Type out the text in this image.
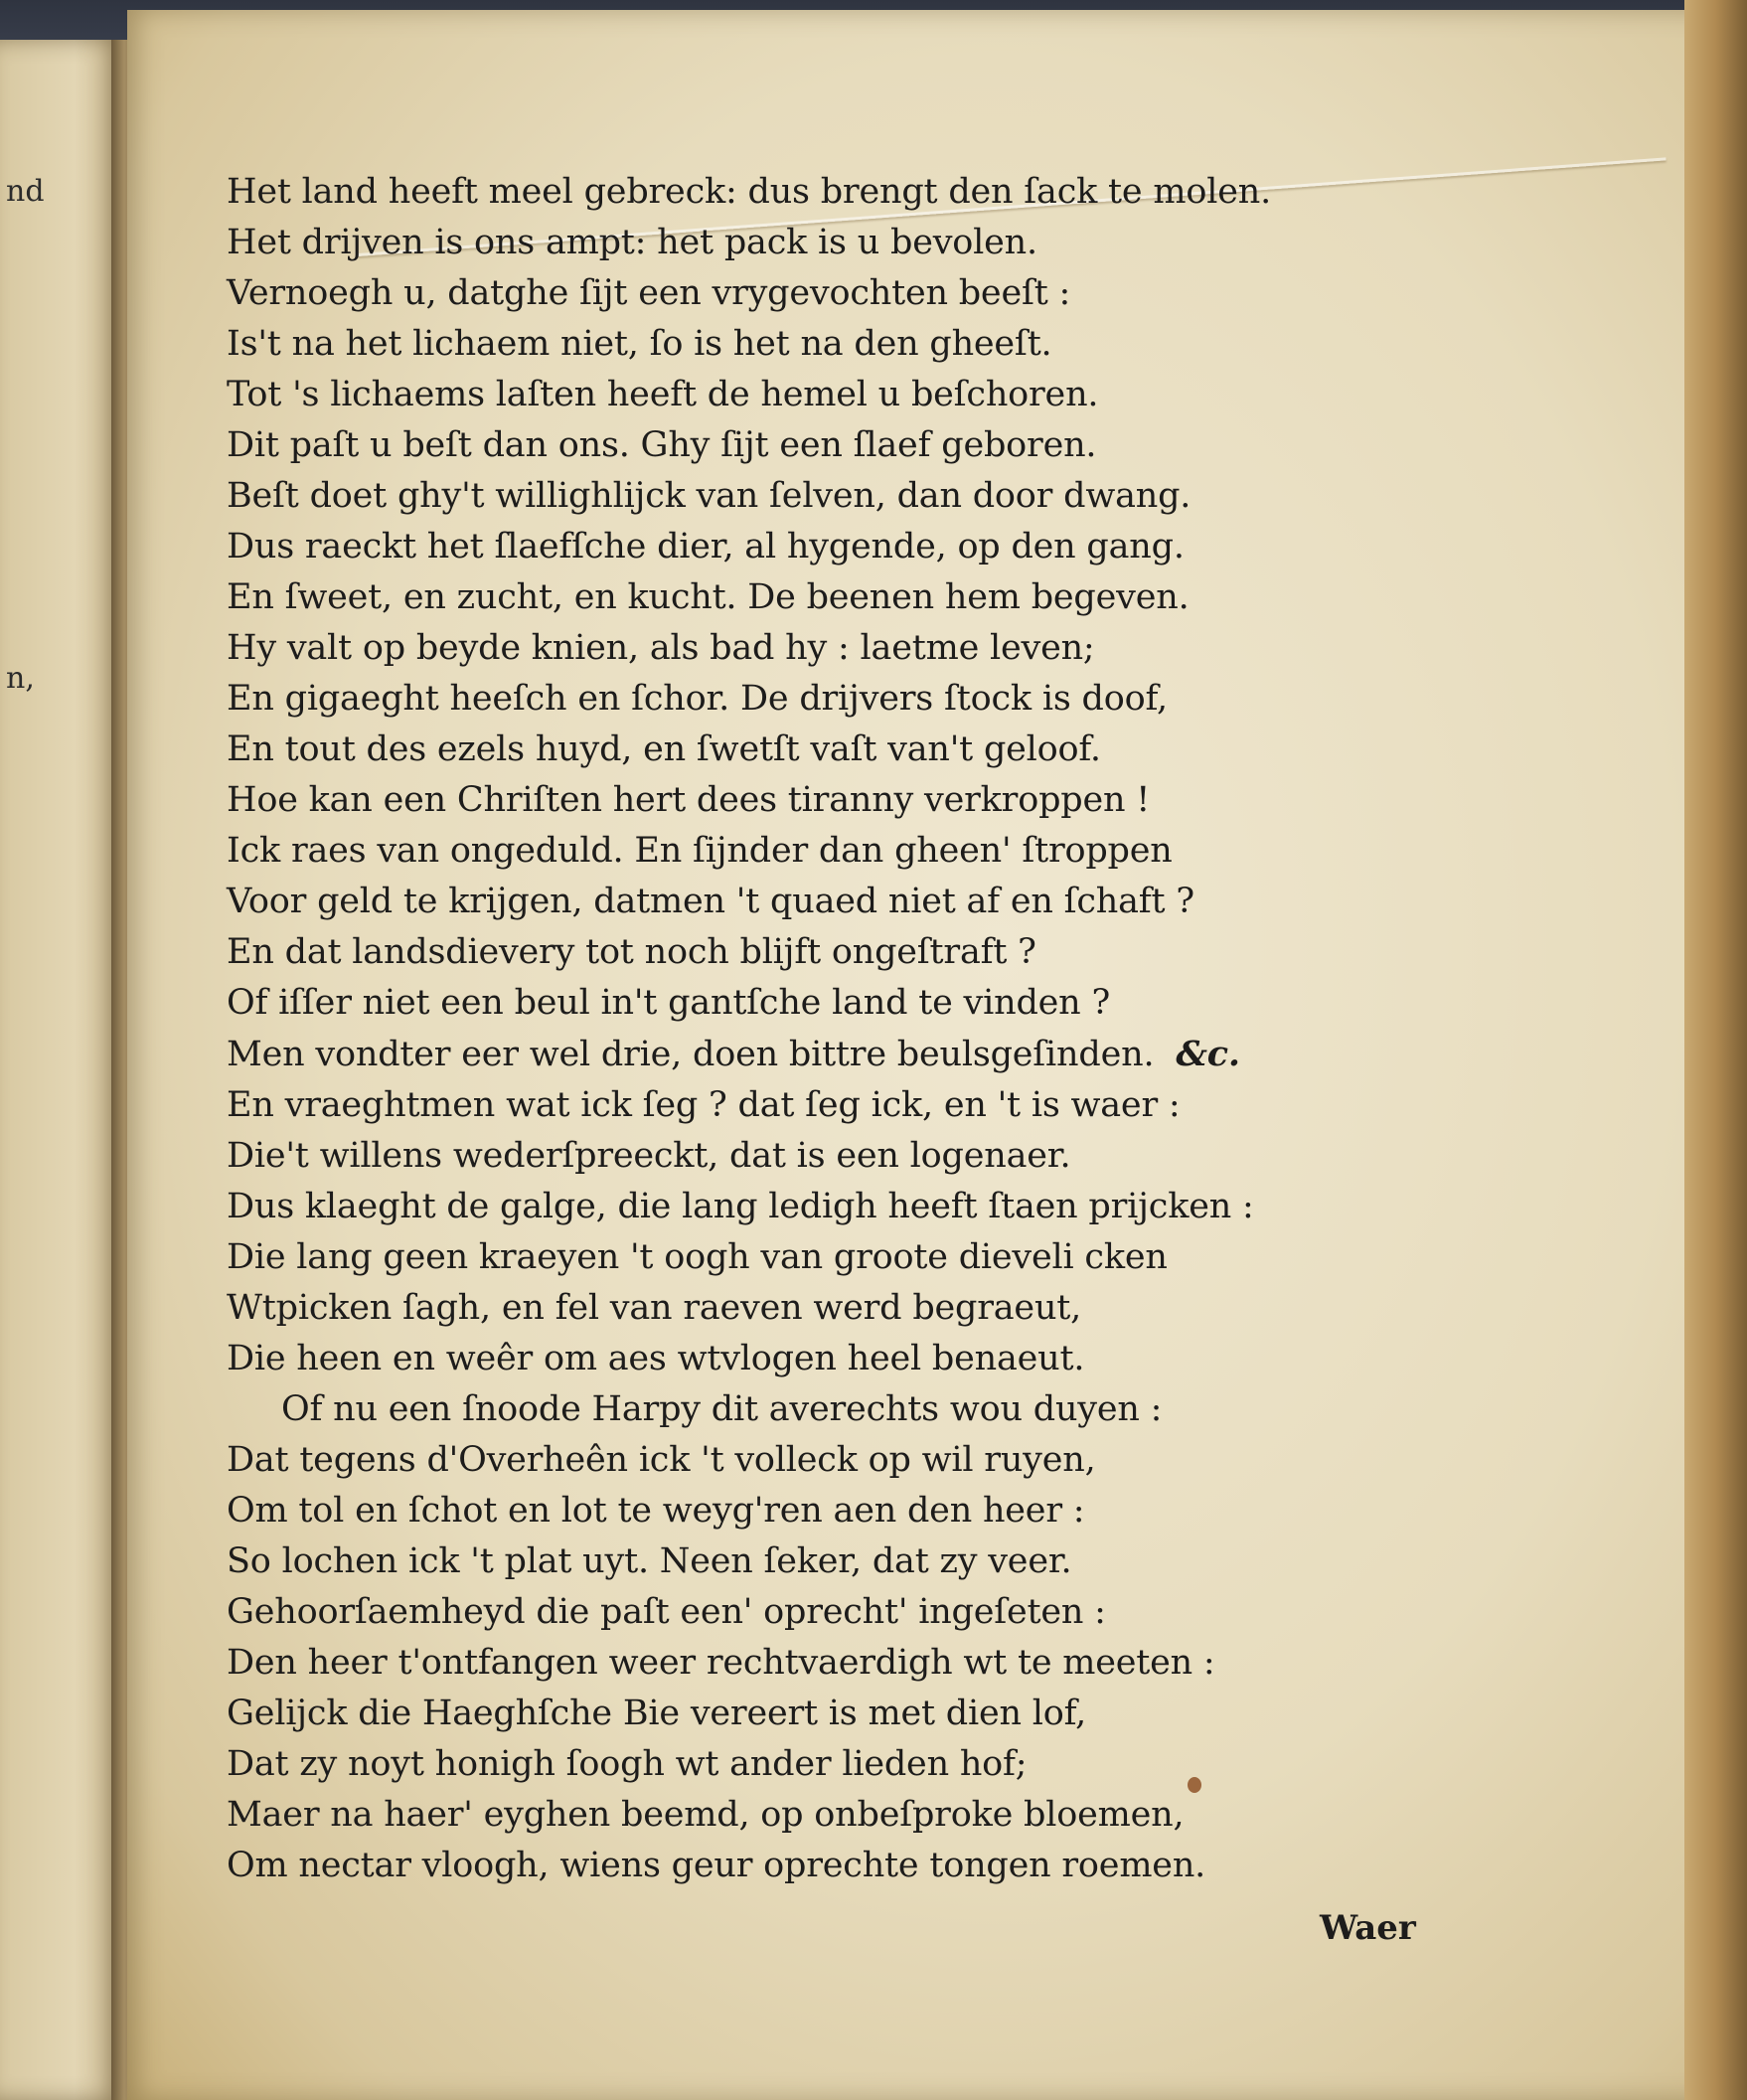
nd
n,
Het land heeft meel gebreck: dus brengt den ſack te molen.
Het drijven is ons ampt: het pack is u bevolen.
Vernoegh u, datghe ſijt een vrygevochten beeſt :
Is't na het lichaem niet, ſo is het na den gheeſt.
Tot 's lichaems laſten heeft de hemel u beſchoren.
Dit paſt u beſt dan ons. Ghy ſijt een ſlaef geboren.
Beſt doet ghy't willighlijck van ſelven, dan door dwang.
Dus raeckt het ſlaefſche dier, al hygende, op den gang.
En ſweet, en zucht, en kucht. De beenen hem begeven.
Hy valt op beyde knien, als bad hy : laetme leven;
En gigaeght heeſch en ſchor. De drijvers ſtock is doof,
En tout des ezels huyd, en ſwetſt vaſt van't geloof.
Hoe kan een Chriſten hert dees tiranny verkroppen !
Ick raes van ongeduld. En ſijnder dan gheen' ſtroppen
Voor geld te krijgen, datmen 't quaed niet af en ſchaft ?
En dat landsdievery tot noch blijft ongeſtraft ?
Of iſſer niet een beul in't gantſche land te vinden ?
Men vondter eer wel drie, doen bittre beulsgeſinden. &c.
En vraeghtmen wat ick ſeg ? dat ſeg ick, en 't is waer :
Die't willens wederſpreeckt, dat is een logenaer.
Dus klaeght de galge, die lang ledigh heeft ſtaen prijcken :
Die lang geen kraeyen 't oogh van groote dieveli cken
Wtpicken ſagh, en fel van raeven werd begraeut,
Die heen en weêr om aes wtvlogen heel benaeut.
Of nu een ſnoode Harpy dit averechts wou duyen :
Dat tegens d'Overheên ick 't volleck op wil ruyen,
Om tol en ſchot en lot te weyg'ren aen den heer :
So lochen ick 't plat uyt. Neen ſeker, dat zy veer.
Gehoorſaemheyd die paſt een' oprecht' ingeſeten :
Den heer t'ontfangen weer rechtvaerdigh wt te meeten :
Gelijck die Haeghſche Bie vereert is met dien lof,
Dat zy noyt honigh ſoogh wt ander lieden hof;
Maer na haer' eyghen beemd, op onbeſproke bloemen,
Om nectar vloogh, wiens geur oprechte tongen roemen.
Waer
